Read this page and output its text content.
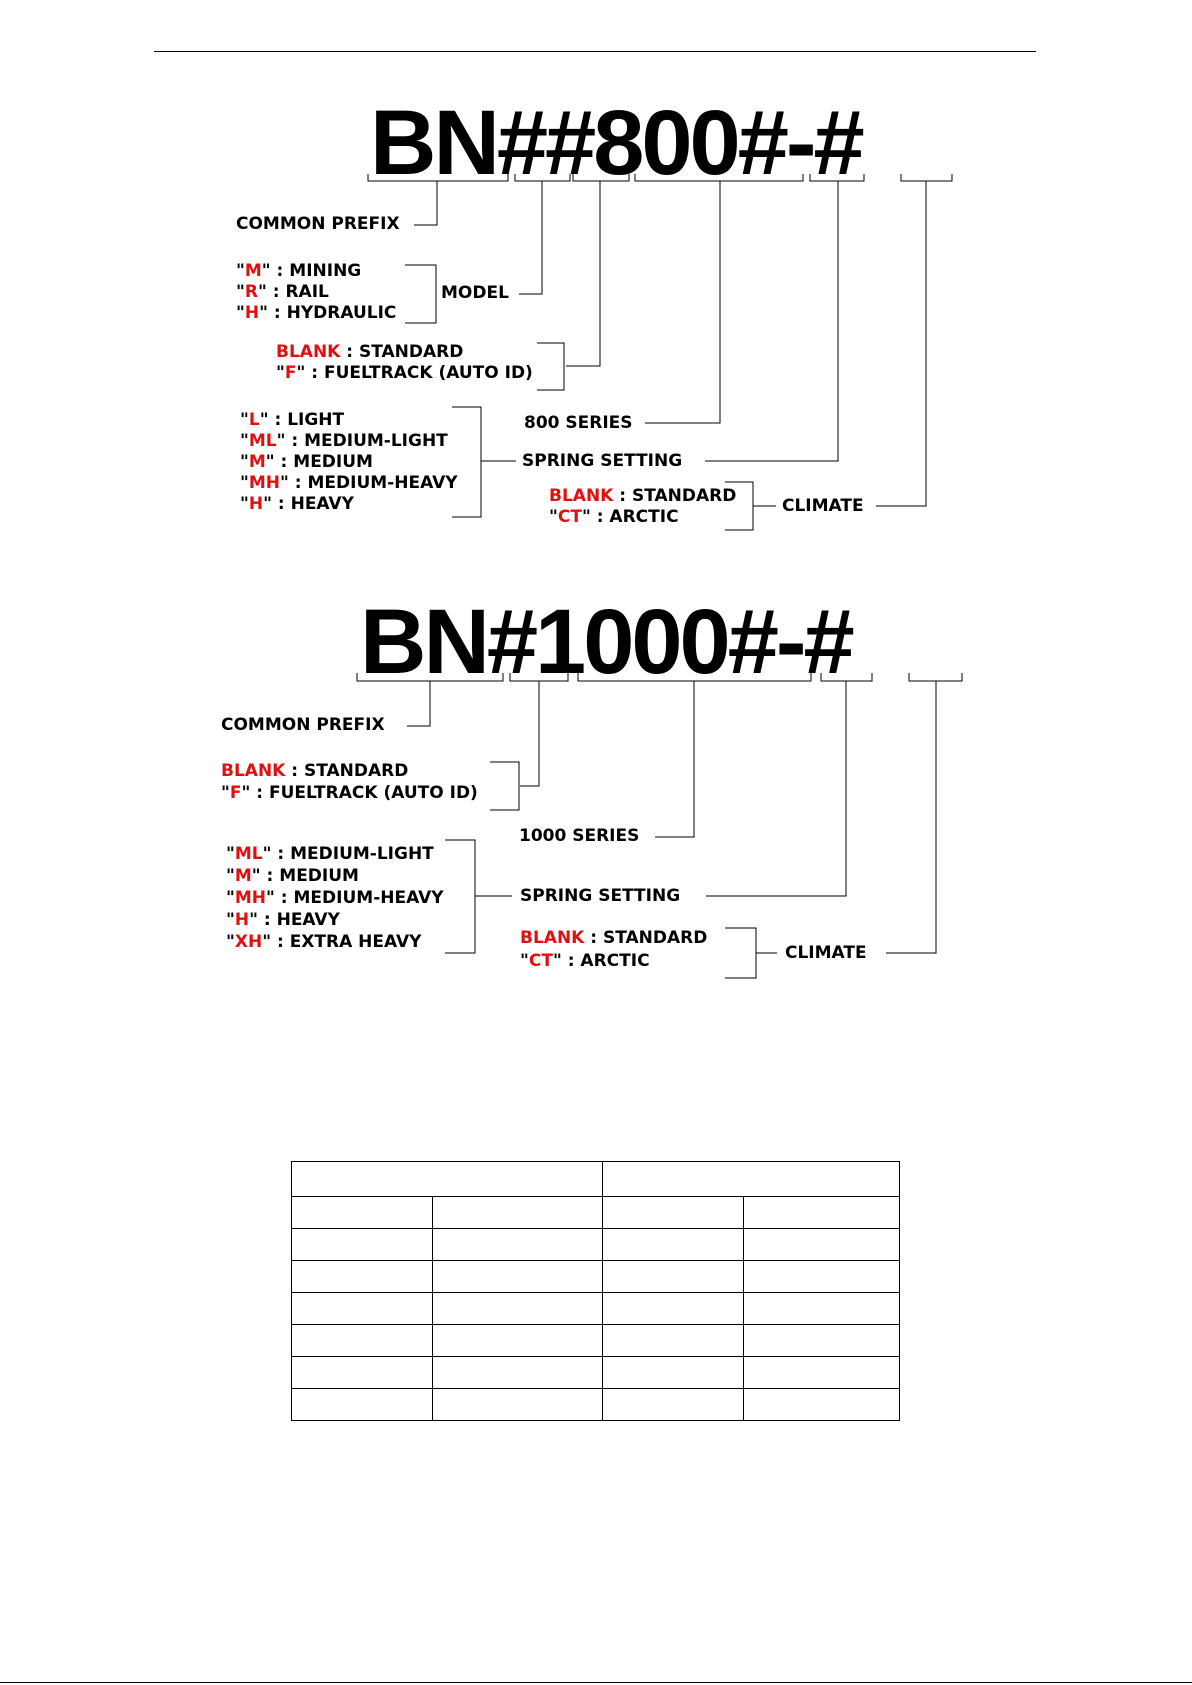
BN##800#-#
COMMON PREFIX
"M" : MINING
"R" : RAIL
"H" : HYDRAULIC
MODEL
BLANK : STANDARD
"F" : FUELTRACK (AUTO ID)
800 SERIES
"L" : LIGHT
"ML" : MEDIUM-LIGHT
"M" : MEDIUM
"MH" : MEDIUM-HEAVY
"H" : HEAVY
SPRING SETTING
BLANK : STANDARD
"CT" : ARCTIC
CLIMATE
BN#1000#-#
COMMON PREFIX
BLANK : STANDARD
"F" : FUELTRACK (AUTO ID)
1000 SERIES
"ML" : MEDIUM-LIGHT
"M" : MEDIUM
"MH" : MEDIUM-HEAVY
"H" : HEAVY
"XH" : EXTRA HEAVY
SPRING SETTING
BLANK : STANDARD
"CT" : ARCTIC	CLIMATE
